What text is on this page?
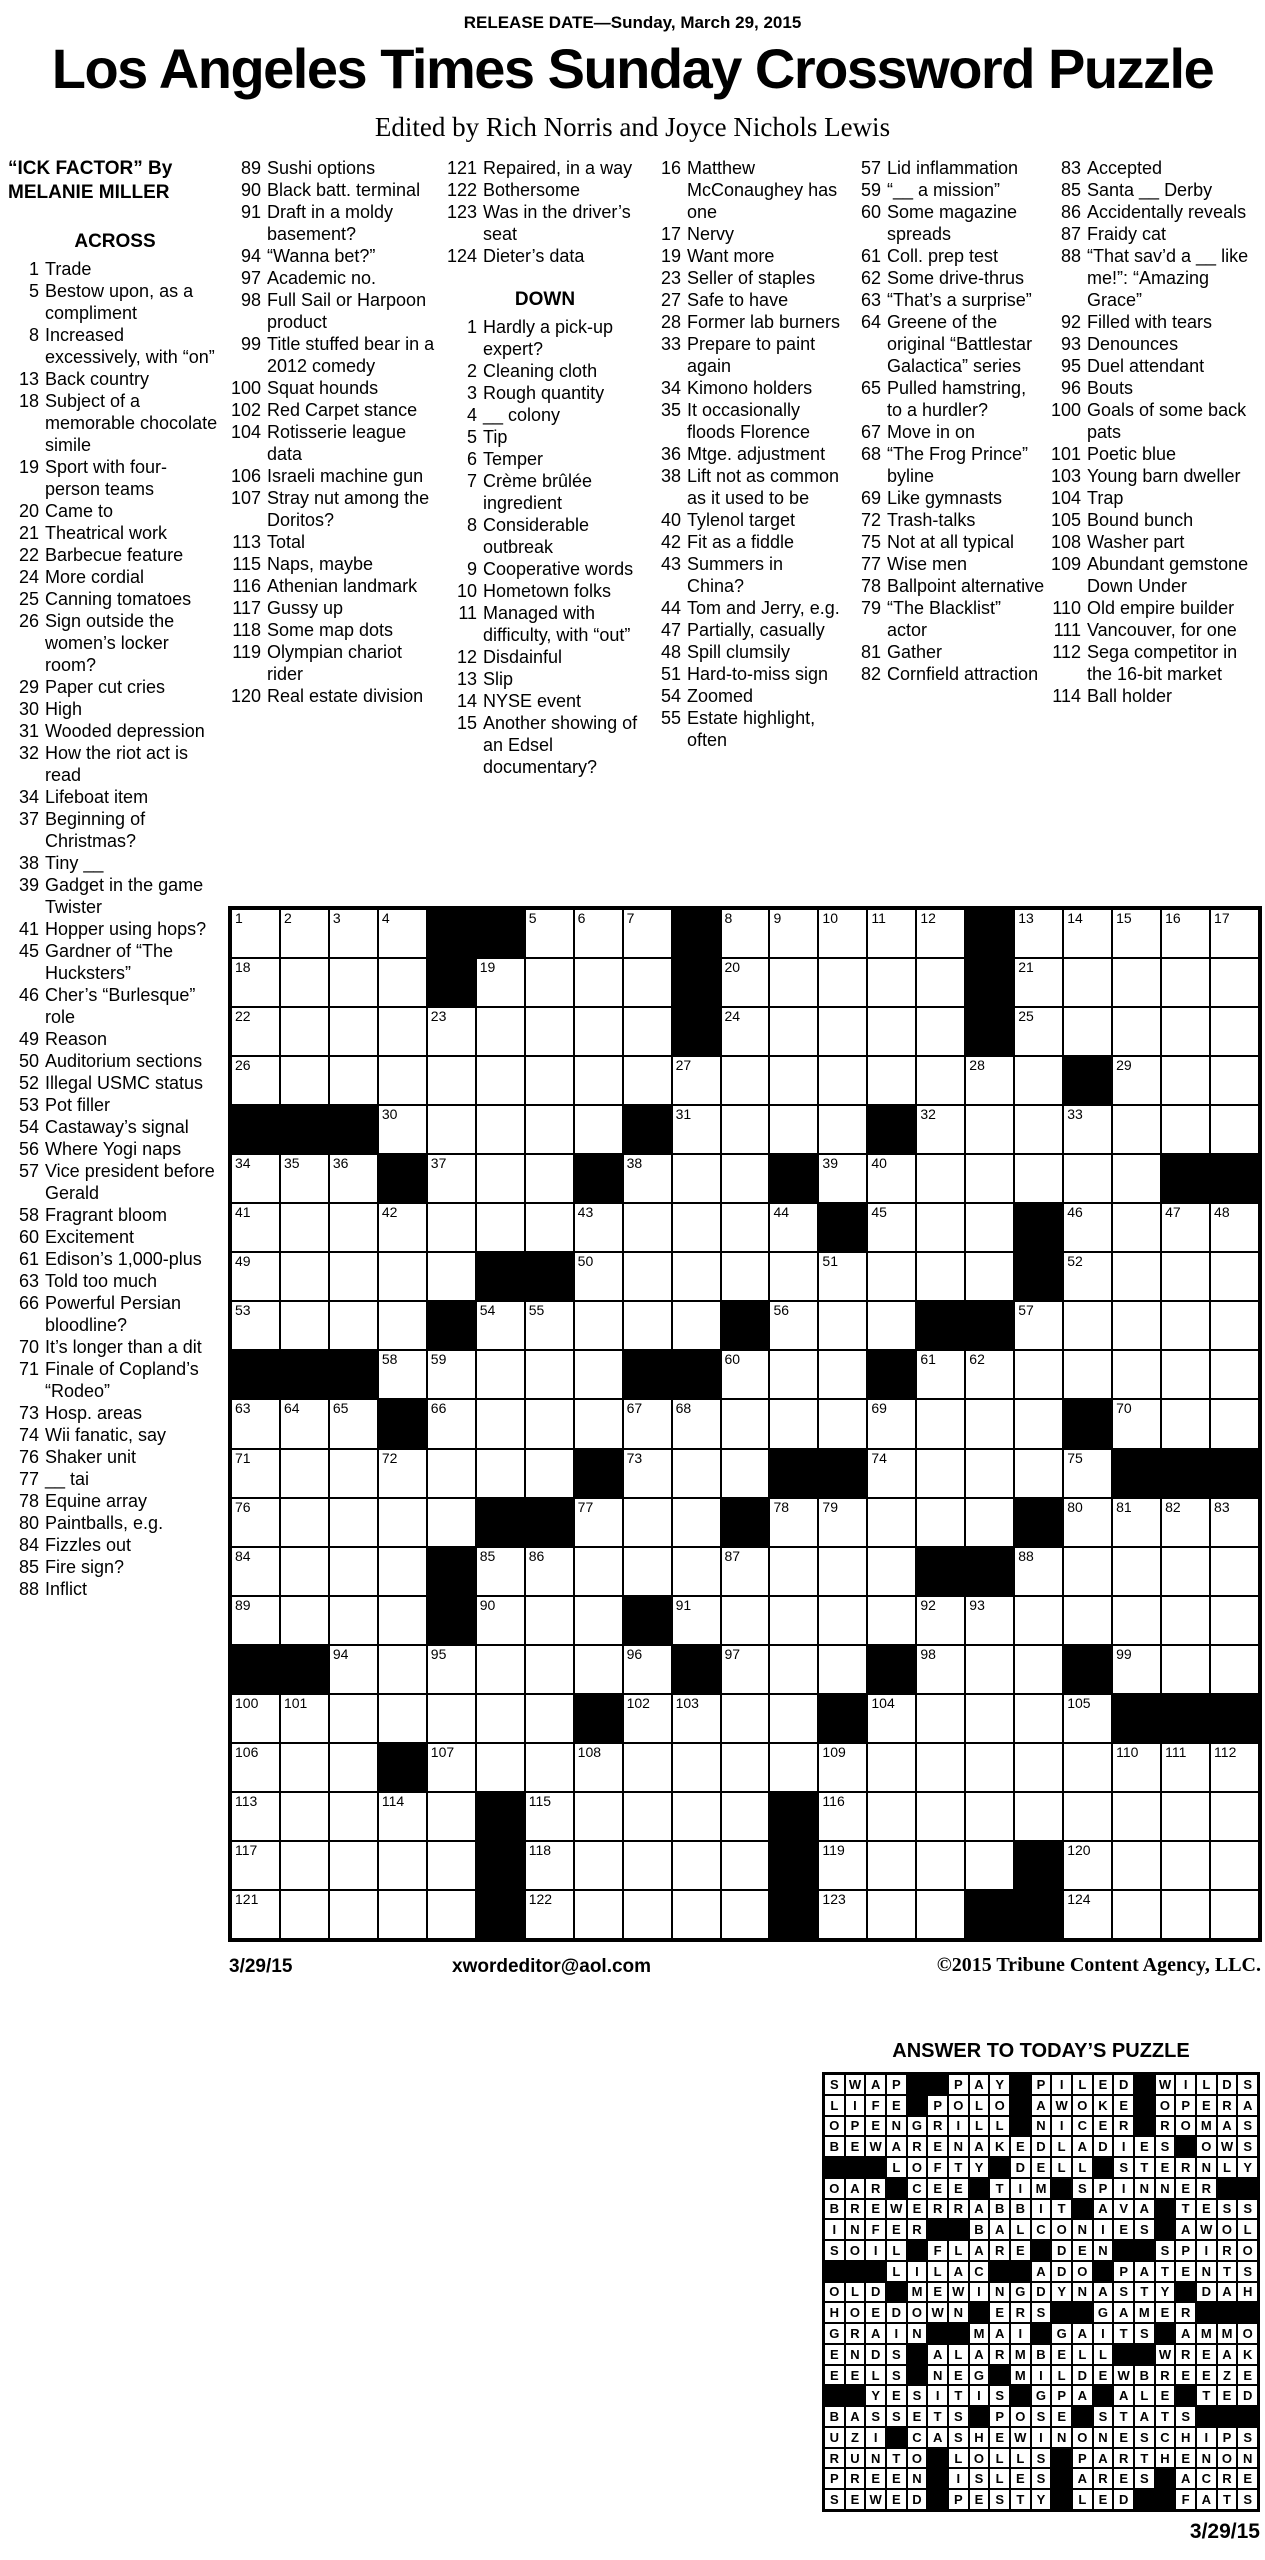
RELEASE DATE—Sunday, March 29, 2015
Los Angeles Times Sunday Crossword Puzzle
Edited by Rich Norris and Joyce Nichols Lewis
“ICK FACTOR” By
MELANIE MILLER
ACROSS
1 Trade
5 Bestow upon, as a compliment
8 Increased excessively, with “on”
13 Back country
18 Subject of a memorable chocolate simile
19 Sport with four-person teams
20 Came to
21 Theatrical work
22 Barbecue feature
24 More cordial
25 Canning tomatoes
26 Sign outside the women’s locker room?
29 Paper cut cries
30 High
31 Wooded depression
32 How the riot act is read
34 Lifeboat item
37 Beginning of Christmas?
38 Tiny __
39 Gadget in the game Twister
41 Hopper using hops?
45 Gardner of “The Hucksters”
46 Cher’s “Burlesque” role
49 Reason
50 Auditorium sections
52 Illegal USMC status
53 Pot filler
54 Castaway’s signal
56 Where Yogi naps
57 Vice president before Gerald
58 Fragrant bloom
60 Excitement
61 Edison’s 1,000-plus
63 Told too much
66 Powerful Persian bloodline?
70 It’s longer than a dit
71 Finale of Copland’s “Rodeo”
73 Hosp. areas
74 Wii fanatic, say
76 Shaker unit
77 __ tai
78 Equine array
80 Paintballs, e.g.
84 Fizzles out
85 Fire sign?
88 Inflict
89 Sushi options
90 Black batt. terminal
91 Draft in a moldy basement?
94 “Wanna bet?”
97 Academic no.
98 Full Sail or Harpoon product
99 Title stuffed bear in a 2012 comedy
100 Squat hounds
102 Red Carpet stance
104 Rotisserie league data
106 Israeli machine gun
107 Stray nut among the Doritos?
113 Total
115 Naps, maybe
116 Athenian landmark
117 Gussy up
118 Some map dots
119 Olympian chariot rider
120 Real estate division
121 Repaired, in a way
122 Bothersome
123 Was in the driver’s seat
124 Dieter’s data
DOWN
1 Hardly a pick-up expert?
2 Cleaning cloth
3 Rough quantity
4 __ colony
5 Tip
6 Temper
7 Crème brûlée ingredient
8 Considerable outbreak
9 Cooperative words
10 Hometown folks
11 Managed with difficulty, with “out”
12 Disdainful
13 Slip
14 NYSE event
15 Another showing of an Edsel documentary?
16 Matthew McConaughey has one
17 Nervy
19 Want more
23 Seller of staples
27 Safe to have
28 Former lab burners
33 Prepare to paint again
34 Kimono holders
35 It occasionally floods Florence
36 Mtge. adjustment
38 Lift not as common as it used to be
40 Tylenol target
42 Fit as a fiddle
43 Summers in China?
44 Tom and Jerry, e.g.
47 Partially, casually
48 Spill clumsily
51 Hard-to-miss sign
54 Zoomed
55 Estate highlight, often
57 Lid inflammation
59 “__ a mission”
60 Some magazine spreads
61 Coll. prep test
62 Some drive-thrus
63 “That’s a surprise”
64 Greene of the original “Battlestar Galactica” series
65 Pulled hamstring, to a hurdler?
67 Move in on
68 “The Frog Prince” byline
69 Like gymnasts
72 Trash-talks
75 Not at all typical
77 Wise men
78 Ballpoint alternative
79 “The Blacklist” actor
81 Gather
82 Cornfield attraction
83 Accepted
85 Santa __ Derby
86 Accidentally reveals
87 Fraidy cat
88 “That sav’d a __ like me!”: “Amazing Grace”
92 Filled with tears
93 Denounces
95 Duel attendant
96 Bouts
100 Goals of some back pats
101 Poetic blue
103 Young barn dweller
104 Trap
105 Bound bunch
108 Washer part
109 Abundant gemstone Down Under
110 Old empire builder
111 Vancouver, for one
112 Sega competitor in the 16-bit market
114 Ball holder
1	2	3	4	5	6	7	8	9	10 11 12	13 14 15 16 17
18	19	20	21
22	23	24	25
26	27	28	29
30	31	32	33
34 35 36	37	38	39 40
41	42	43	44	45	46	47 48
49	50	51	52
53	54 55	56	57
58 59	60	61 62
63 64 65	66	67 68	69	70
71	72	73	74	75
76	77	78 79	80 81 82 83
84	85 86	87	88
89	90	91	92 93
94	95	96	97	98	99
100 101	102 103	104	105
106	107	108	109	110 111 112
113	114	115	116
117	118	119	120
121	122	123	124
3/29/15	xwordeditor@aol.com	©2015 Tribune Content Agency, LLC.
ANSWER TO TODAY’S PUZZLE
S W A P	P A Y	P	I	L E D	W I	L D S
L	I	F E	P O L O	A W O K E	O P E R A
O P E N G R	I	L L	N	I	C E R	R O M A S
B E W A R E N A K E D L A D	I	E S	O W S
L O F T Y	D E L L	S T E R N L Y
O A R	C E E	T	I	M	S P	I	N N E R
B R E W E R R A B B	I	T	A V A	T E S S
I	N F E R	B A L C O N	I	E S	A W O L
S O	I	L	F L A R E	D E N	S P	I	R O
L	I	L A C	A D O	P A T E N T S
O L D	M E W I	N G D Y N A S T Y	D A H
H O E D O W N	E R S	G A M E R
G R A	I	N	M A	I	G A	I	T S	A M M O
E N D S	A L A R M B E L L	W R E A K
E E L S	N E G	M	I	L D E W B R E E Z E
Y E S	I	T	I	S	G P A	A L E	T E D
B A S S E T S	P O S E	S T A T S
U Z	I	C A S H E W I	N O N E S C H	I	P S
R U N T O	L O L L S	P A R T H E N O N
P R E E N	I	S L E S	A R E S	A C R E
S E W E D	P E S T Y	L E D	F A T S
3/29/15
